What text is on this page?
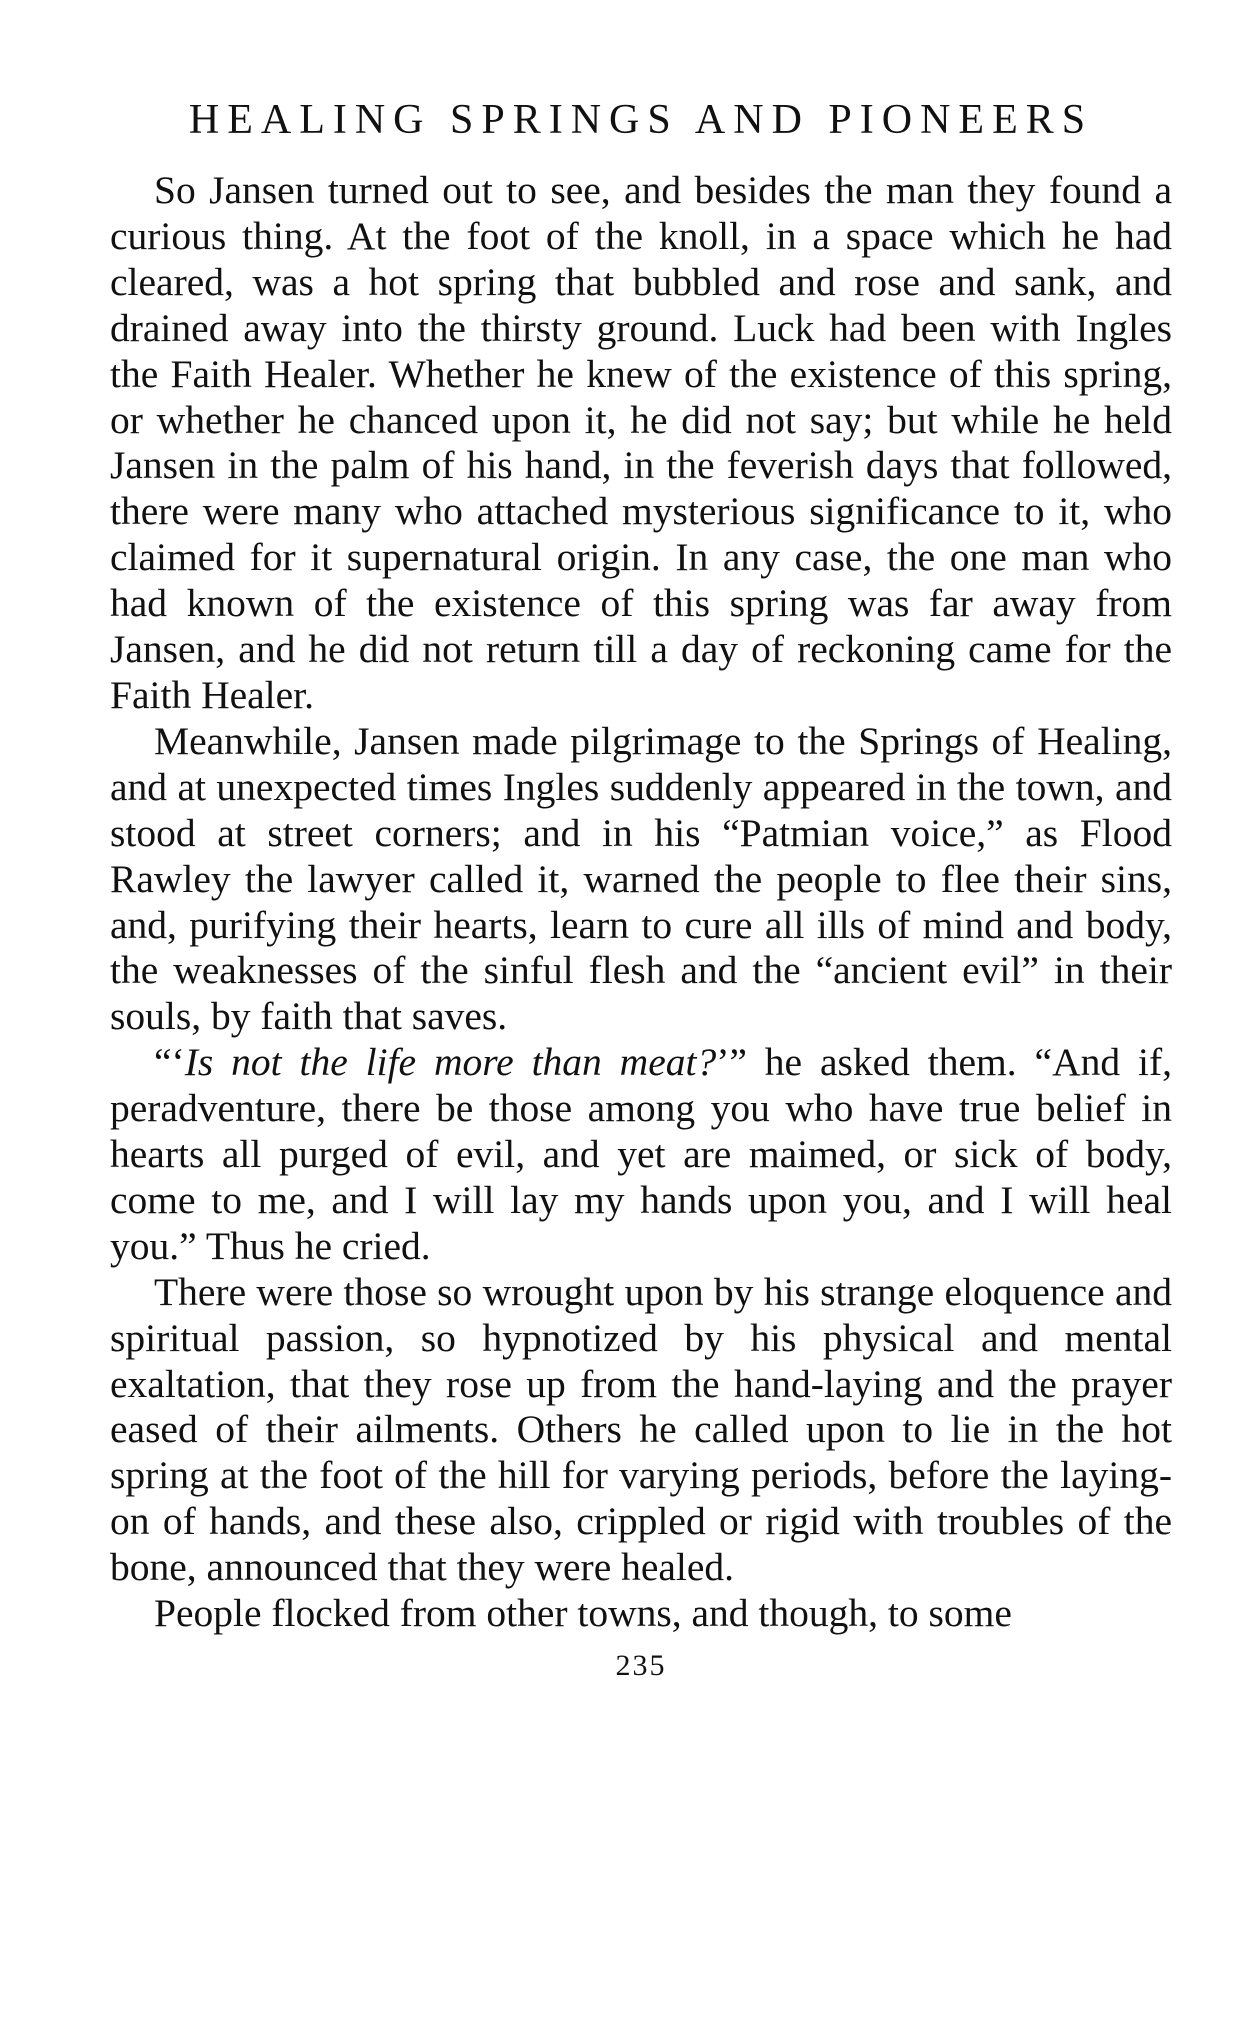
HEALING SPRINGS AND PIONEERS

So Jansen turned out to see, and besides the man they found a curious thing. At the foot of the knoll, in a space which he had cleared, was a hot spring that bubbled and rose and sank, and drained away into the thirsty ground. Luck had been with Ingles the Faith Healer. Whether he knew of the existence of this spring, or whether he chanced upon it, he did not say; but while he held Jansen in the palm of his hand, in the feverish days that followed, there were many who attached mysterious significance to it, who claimed for it supernatural origin. In any case, the one man who had known of the existence of this spring was far away from Jansen, and he did not return till a day of reckoning came for the Faith Healer.

Meanwhile, Jansen made pilgrimage to the Springs of Healing, and at unexpected times Ingles suddenly appeared in the town, and stood at street corners; and in his “Patmian voice,” as Flood Rawley the lawyer called it, warned the people to flee their sins, and, purifying their hearts, learn to cure all ills of mind and body, the weaknesses of the sinful flesh and the “ancient evil” in their souls, by faith that saves.

“‘Is not the life more than meat?’” he asked them. “And if, peradventure, there be those among you who have true belief in hearts all purged of evil, and yet are maimed, or sick of body, come to me, and I will lay my hands upon you, and I will heal you.” Thus he cried.

There were those so wrought upon by his strange eloquence and spiritual passion, so hypnotized by his physical and mental exaltation, that they rose up from the hand-laying and the prayer eased of their ailments. Others he called upon to lie in the hot spring at the foot of the hill for varying periods, before the laying-on of hands, and these also, crippled or rigid with troubles of the bone, announced that they were healed.

People flocked from other towns, and though, to some

235
